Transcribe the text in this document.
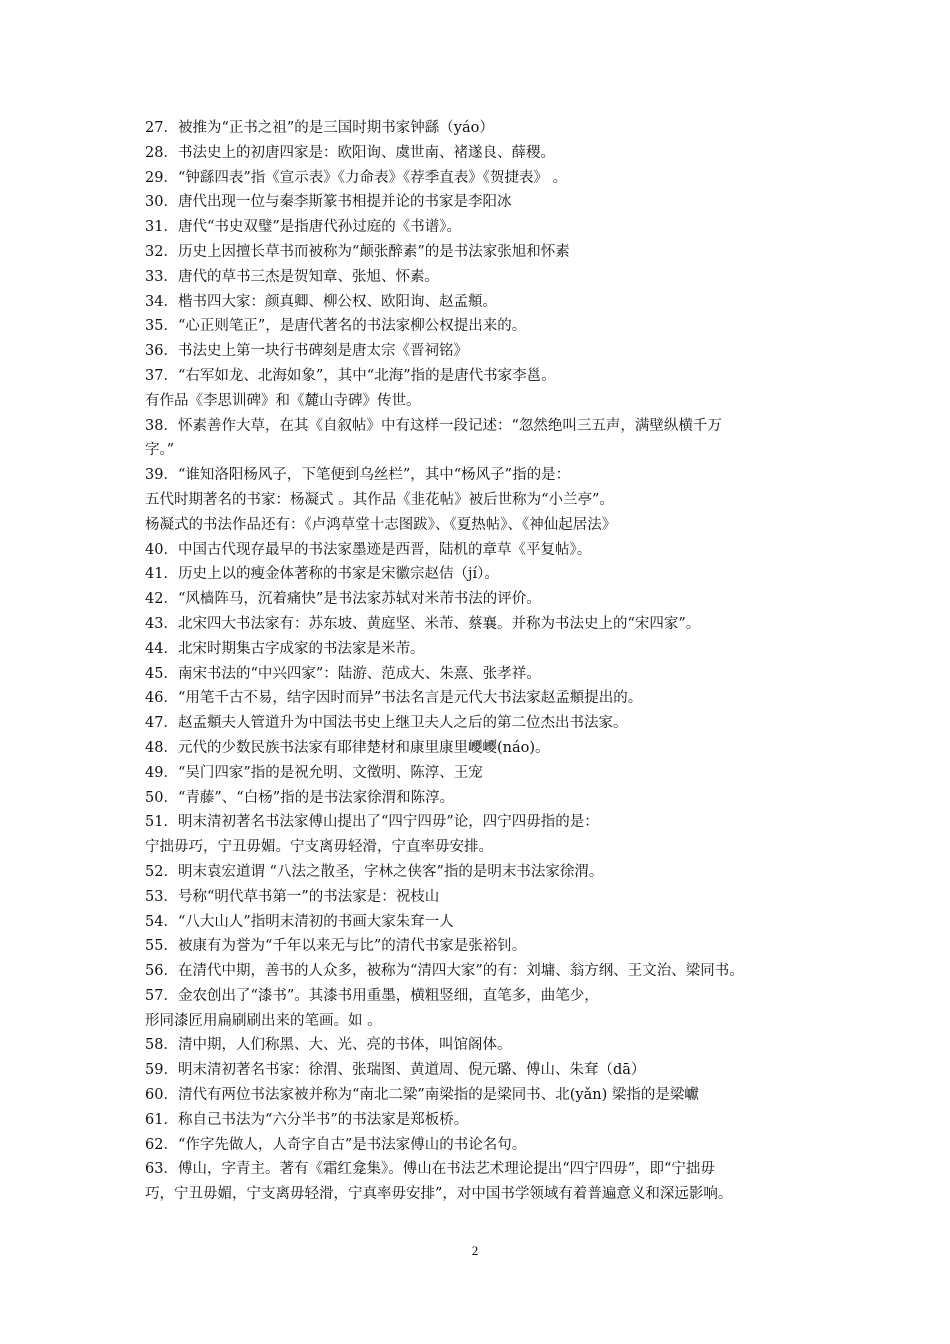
27．被推为“正书之祖”的是三国时期书家钟繇（yáo）
28．书法史上的初唐四家是：欧阳询、虞世南、褚遂良、薛稷。
29．“钟繇四表”指《宣示表》《力命表》《荐季直表》《贺捷表》 。
30．唐代出现一位与秦李斯篆书相提并论的书家是李阳冰
31．唐代“书史双璧”是指唐代孙过庭的《书谱》。
32．历史上因擅长草书而被称为“颠张醉素”的是书法家张旭和怀素
33．唐代的草书三杰是贺知章、张旭、怀素。
34．楷书四大家：颜真卿、柳公权、欧阳询、赵孟頫。
35．“心正则笔正”，是唐代著名的书法家柳公权提出来的。
36．书法史上第一块行书碑刻是唐太宗《晋祠铭》
37．“右军如龙、北海如象”，其中“北海”指的是唐代书家李邕。
有作品《李思训碑》和《麓山寺碑》传世。
38．怀素善作大草，在其《自叙帖》中有这样一段记述：“忽然绝叫三五声，满壁纵横千万
字。”
39．“谁知洛阳杨风子，下笔便到乌丝栏”，其中“杨风子”指的是：
五代时期著名的书家：杨凝式 。其作品《韭花帖》被后世称为“小兰亭”。
杨凝式的书法作品还有：《卢鸿草堂十志图跋》、《夏热帖》、《神仙起居法》
40．中国古代现存最早的书法家墨迹是西晋，陆机的章草《平复帖》。
41．历史上以的瘦金体著称的书家是宋徽宗赵佶（jí）。
42．“风樯阵马，沉着痛快”是书法家苏轼对米芾书法的评价。
43．北宋四大书法家有：苏东坡、黄庭坚、米芾、蔡襄。并称为书法史上的“宋四家”。
44．北宋时期集古字成家的书法家是米芾。
45．南宋书法的“中兴四家”：陆游、范成大、朱熹、张孝祥。
46．“用笔千古不易，结字因时而异”书法名言是元代大书法家赵孟頫提出的。
47．赵孟頫夫人管道升为中国法书史上继卫夫人之后的第二位杰出书法家。
48．元代的少数民族书法家有耶律楚材和康里康里巎巎(náo)。
49．“吴门四家”指的是祝允明、文徵明、陈淳、王宠
50．“青藤”、“白杨”指的是书法家徐渭和陈淳。
51．明末清初著名书法家傅山提出了“四宁四毋”论，四宁四毋指的是：
宁拙毋巧，宁丑毋媚。宁支离毋轻滑，宁直率毋安排。
52．明末袁宏道谓 “八法之散圣，字林之侠客”指的是明末书法家徐渭。
53．号称“明代草书第一”的书法家是：祝枝山
54．“八大山人”指明末清初的书画大家朱耷一人
55．被康有为誉为“千年以来无与比”的清代书家是张裕钊。
56．在清代中期，善书的人众多，被称为“清四大家”的有：刘墉、翁方纲、王文治、梁同书。
57．金农创出了“漆书”。其漆书用重墨，横粗竖细，直笔多，曲笔少，
形同漆匠用扁刷刷出来的笔画。如 。
58．清中期，人们称黑、大、光、亮的书体，叫馆阁体。
59．明末清初著名书家：徐渭、张瑞图、黄道周、倪元璐、傅山、朱耷（dā）
60．清代有两位书法家被并称为“南北二梁”南梁指的是梁同书、北(yǎn) 梁指的是梁巘
61．称自己书法为“六分半书”的书法家是郑板桥。
62．“作字先做人，人奇字自古”是书法家傅山的书论名句。
63．傅山，字青主。著有《霜红龛集》。傅山在书法艺术理论提出“四宁四毋”，即“宁拙毋
巧，宁丑毋媚，宁支离毋轻滑，宁真率毋安排”，对中国书学领域有着普遍意义和深远影响。
2
